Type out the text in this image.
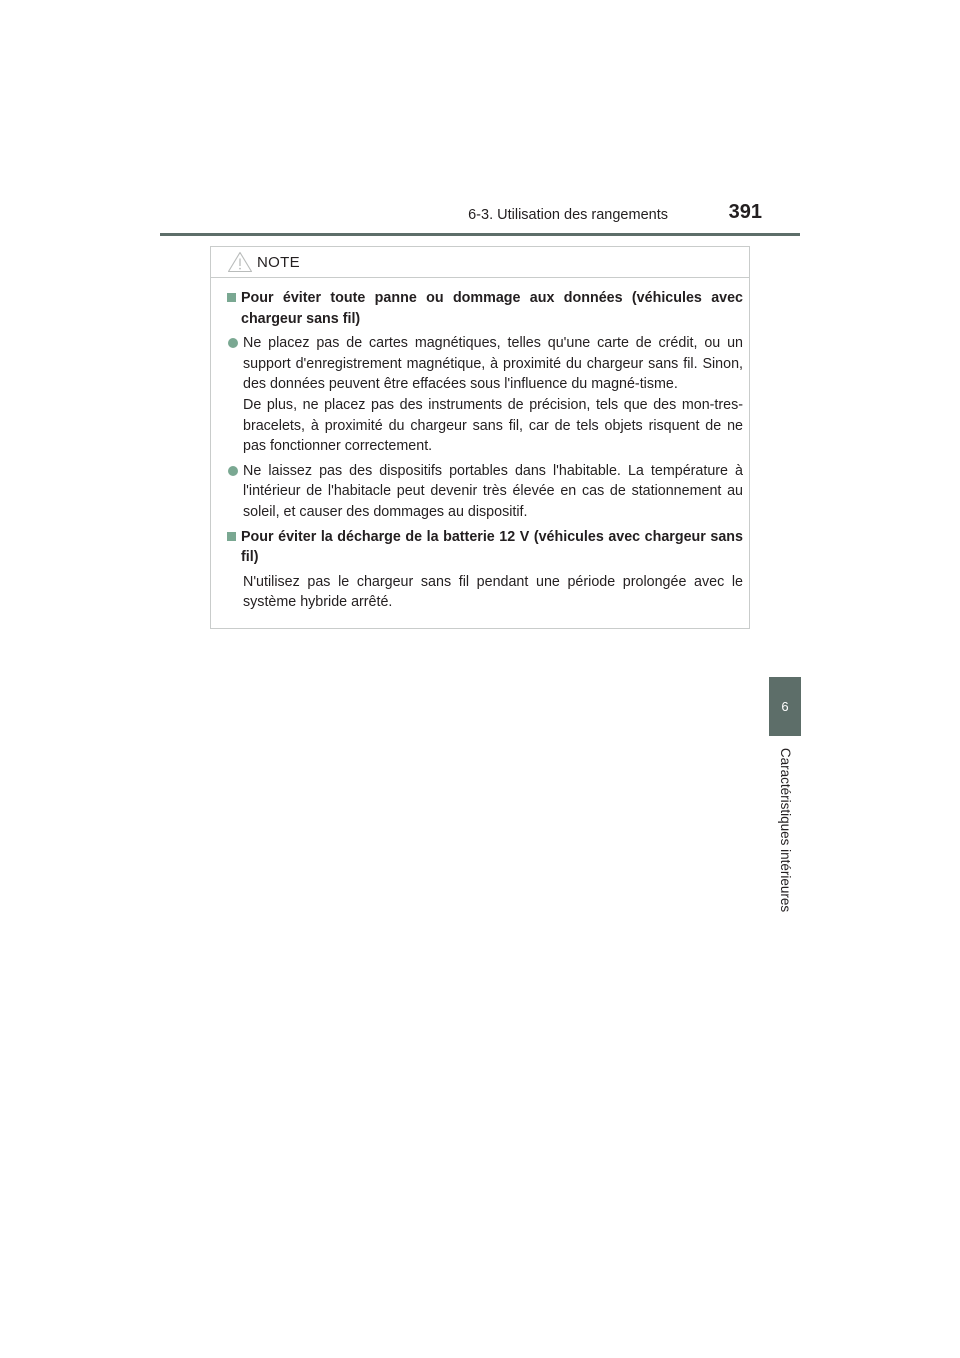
6-3. Utilisation des rangements	391
6
Caractéristiques intérieures
NOTE
Pour éviter toute panne ou dommage aux données (véhicules avec chargeur sans fil)
Ne placez pas de cartes magnétiques, telles qu'une carte de crédit, ou un support d'enregistrement magnétique, à proximité du chargeur sans fil. Sinon, des données peuvent être effacées sous l'influence du magné-tisme.
De plus, ne placez pas des instruments de précision, tels que des mon-tres-bracelets, à proximité du chargeur sans fil, car de tels objets risquent de ne pas fonctionner correctement.
Ne laissez pas des dispositifs portables dans l'habitable. La température à l'intérieur de l'habitacle peut devenir très élevée en cas de stationnement au soleil, et causer des dommages au dispositif.
Pour éviter la décharge de la batterie 12 V (véhicules avec chargeur sans fil)
N'utilisez pas le chargeur sans fil pendant une période prolongée avec le système hybride arrêté.
